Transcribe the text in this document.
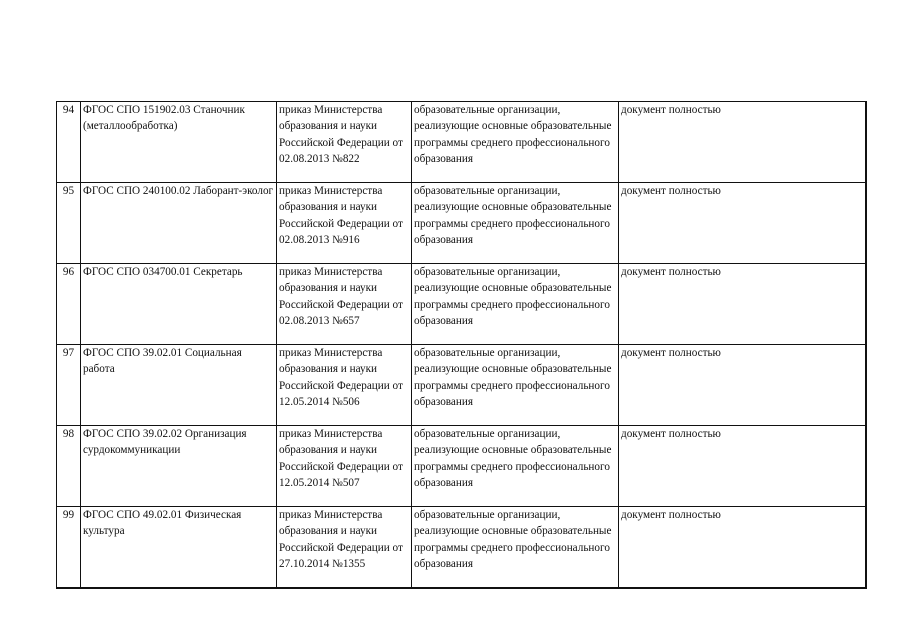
94	ФГОС СПО 151902.03 Станочник (металлообработка)	приказ Министерства образования и науки Российской Федерации от 02.08.2013 №822	образовательные организации, реализующие основные образовательные программы среднего профессионального образования	документ полностью
95	ФГОС СПО 240100.02 Лаборант-эколог	приказ Министерства образования и науки Российской Федерации от 02.08.2013 №916	образовательные организации, реализующие основные образовательные программы среднего профессионального образования	документ полностью
96	ФГОС СПО 034700.01 Секретарь	приказ Министерства образования и науки Российской Федерации от 02.08.2013 №657	образовательные организации, реализующие основные образовательные программы среднего профессионального образования	документ полностью
97	ФГОС СПО 39.02.01 Социальная работа	приказ Министерства образования и науки Российской Федерации от 12.05.2014 №506	образовательные организации, реализующие основные образовательные программы среднего профессионального образования	документ полностью
98	ФГОС СПО 39.02.02 Организация сурдокоммуникации	приказ Министерства образования и науки Российской Федерации от 12.05.2014 №507	образовательные организации, реализующие основные образовательные программы среднего профессионального образования	документ полностью
99	ФГОС СПО 49.02.01 Физическая культура	приказ Министерства образования и науки Российской Федерации от 27.10.2014 №1355	образовательные организации, реализующие основные образовательные программы среднего профессионального образования	документ полностью
